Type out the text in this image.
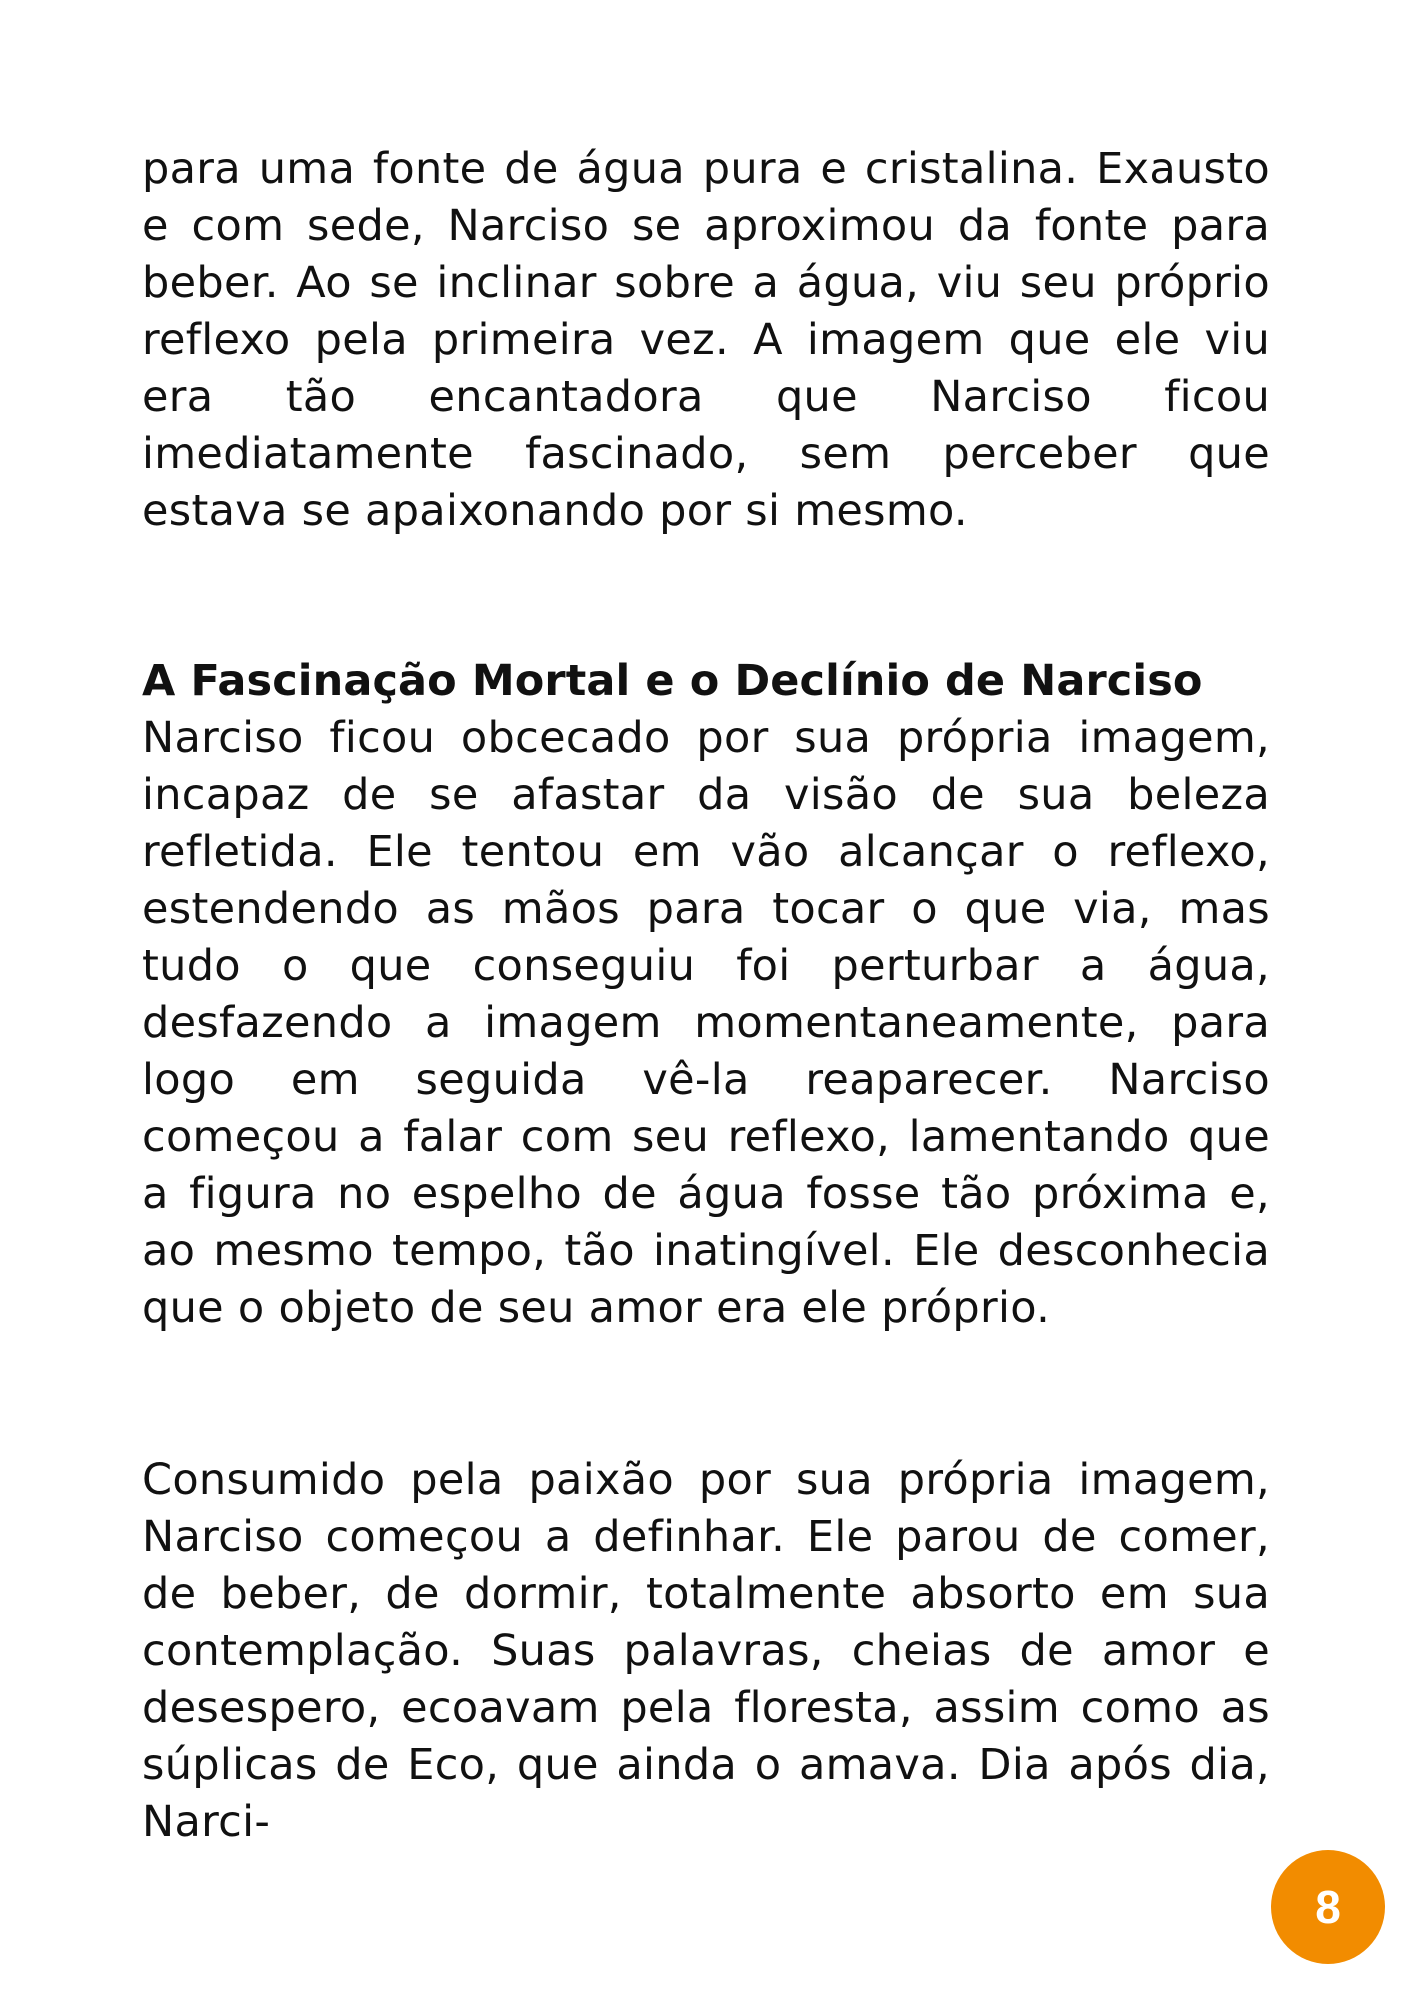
para uma fonte de água pura e cristalina. Exausto e com sede, Narciso se aproximou da fonte para beber. Ao se inclinar sobre a água, viu seu próprio reflexo pela primeira vez. A imagem que ele viu era tão encantadora que Narciso ficou imediatamente fascinado, sem perceber que estava se apaixonando por si mesmo.

A Fascinação Mortal e o Declínio de Narciso

Narciso ficou obcecado por sua própria imagem, incapaz de se afastar da visão de sua beleza refletida. Ele tentou em vão alcançar o reflexo, estendendo as mãos para tocar o que via, mas tudo o que conseguiu foi perturbar a água, desfazendo a imagem momentaneamente, para logo em seguida vê-la reaparecer. Narciso começou a falar com seu reflexo, lamentando que a figura no espelho de água fosse tão próxima e, ao mesmo tempo, tão inatingível. Ele desconhecia que o objeto de seu amor era ele próprio.

Consumido pela paixão por sua própria imagem, Narciso começou a definhar. Ele parou de comer, de beber, de dormir, totalmente absorto em sua contemplação. Suas palavras, cheias de amor e desespero, ecoavam pela floresta, assim como as súplicas de Eco, que ainda o amava. Dia após dia, Narci-

8
